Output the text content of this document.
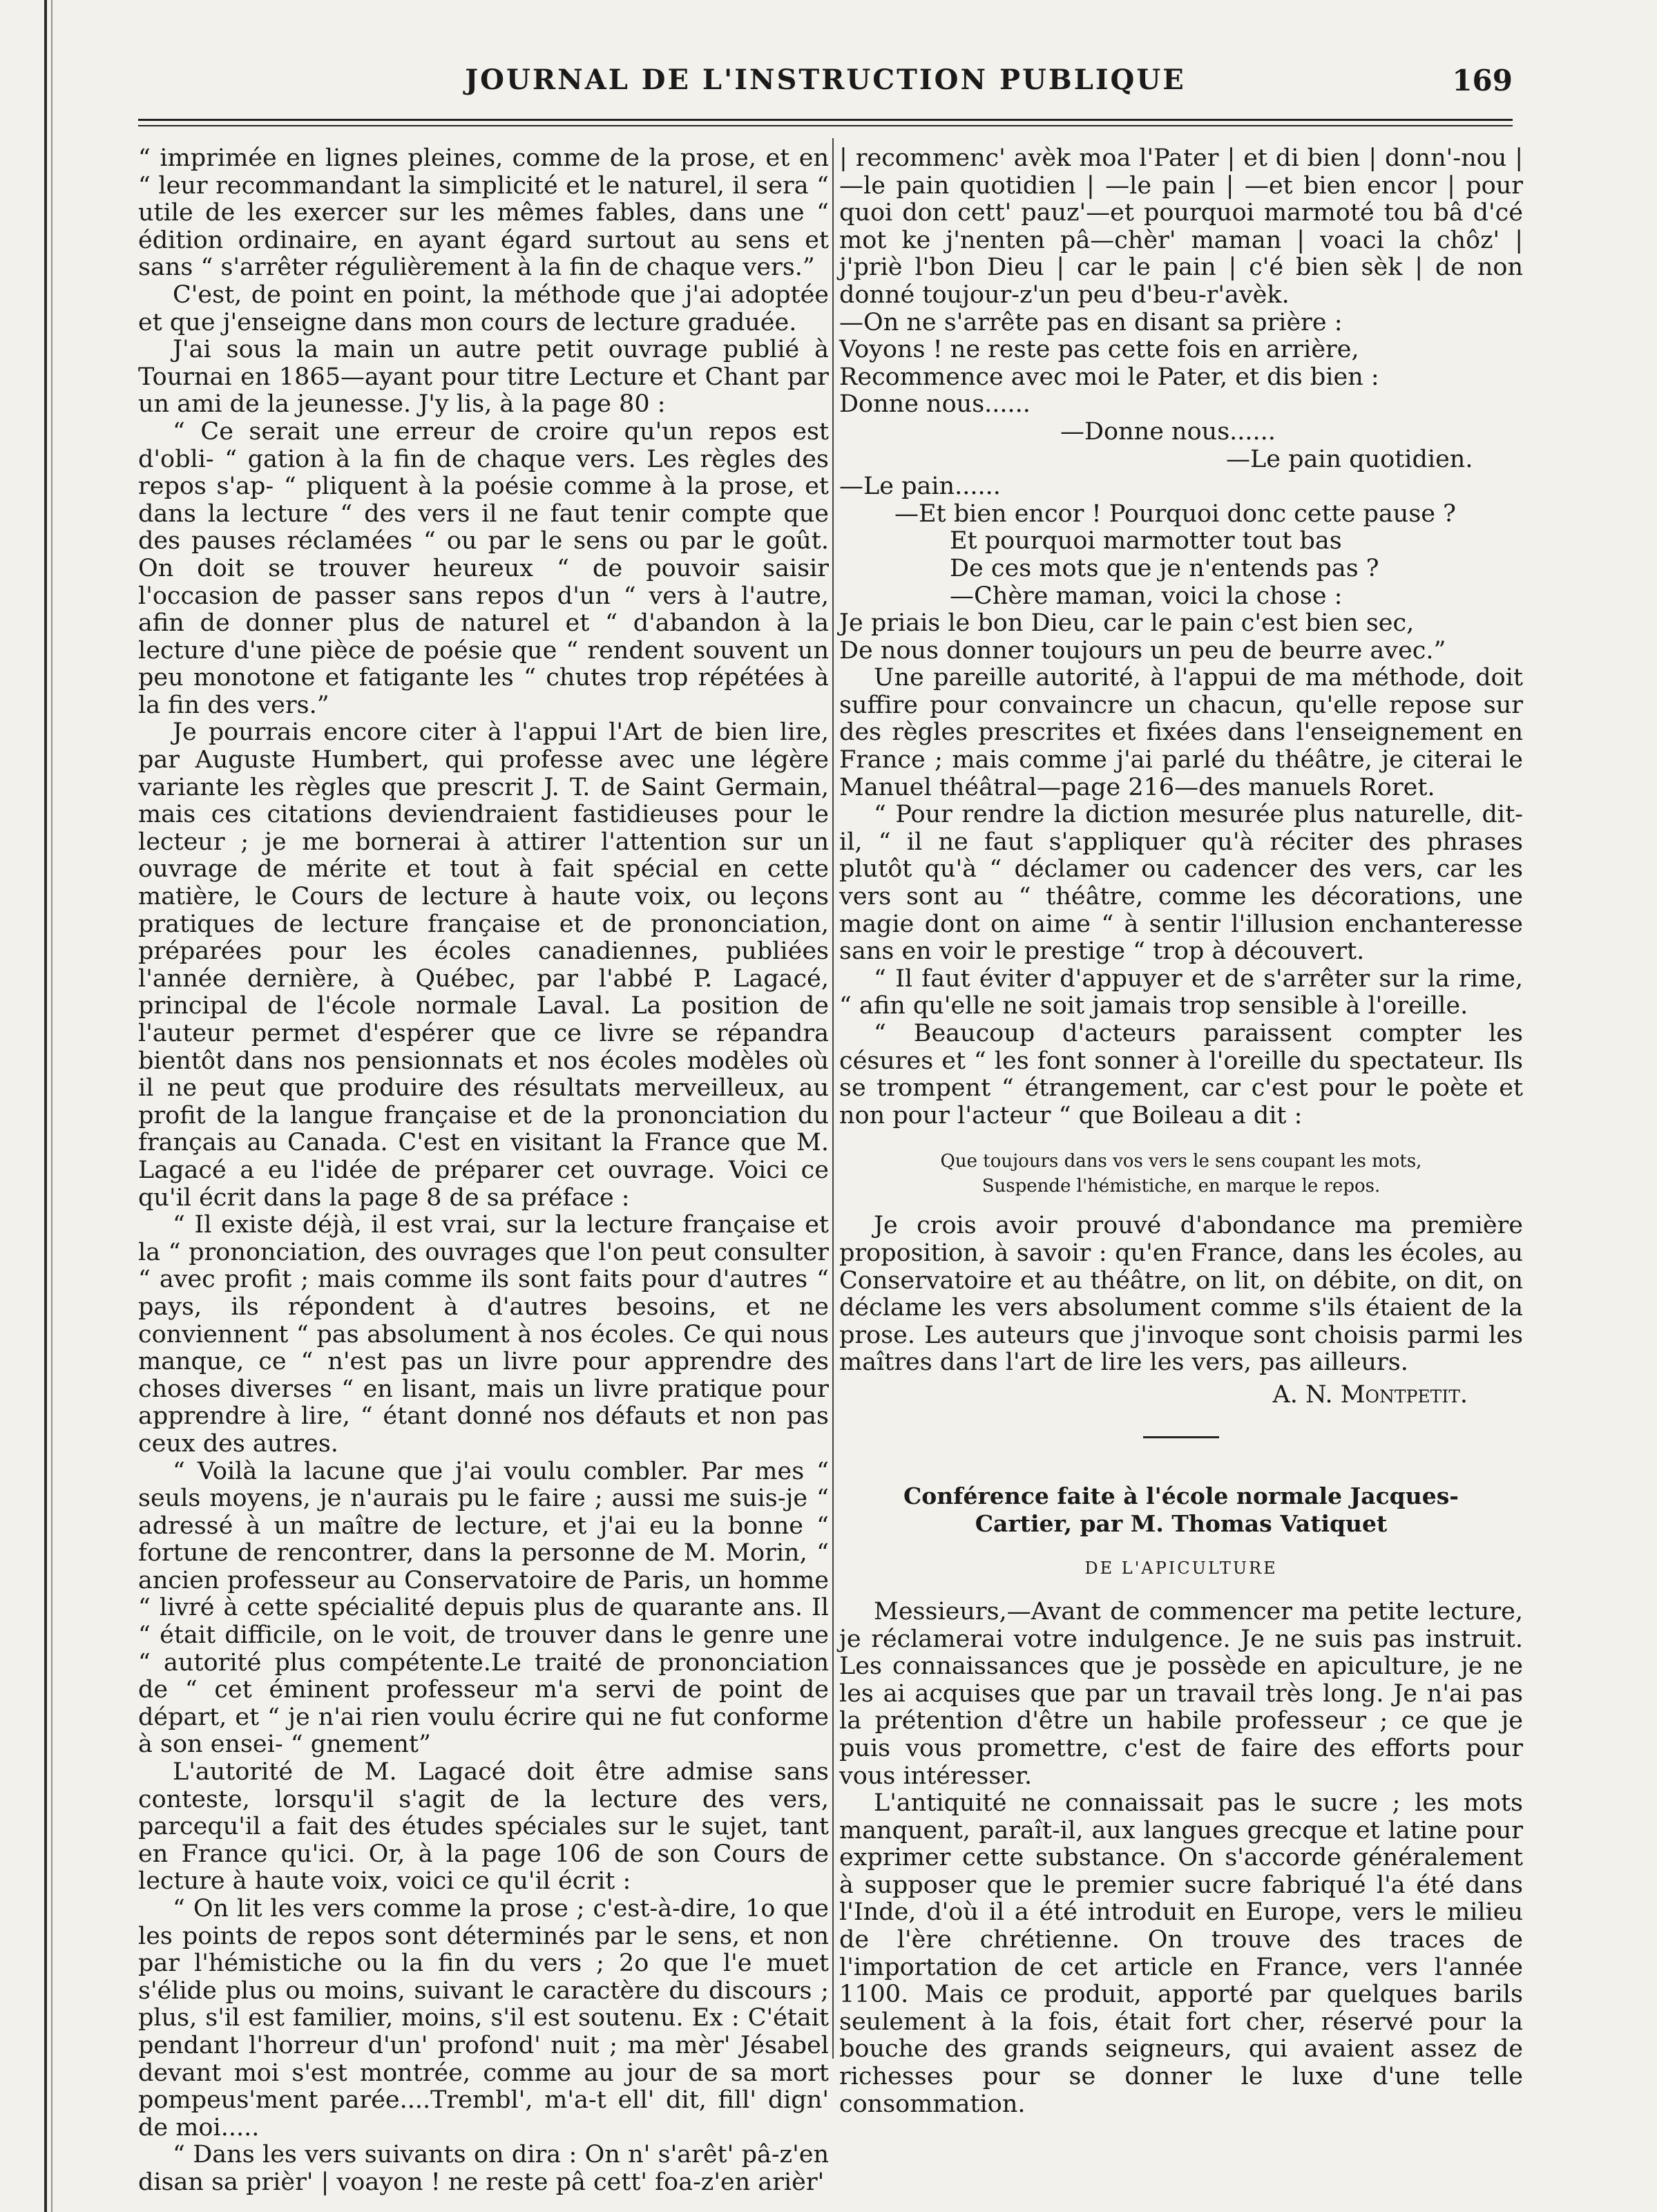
JOURNAL DE L'INSTRUCTION PUBLIQUE	169

“ imprimée en lignes pleines, comme de la prose, et en “ leur recommandant la simplicité et le naturel, il sera “ utile de les exercer sur les mêmes fables, dans une “ édition ordinaire, en ayant égard surtout au sens et sans “ s'arrêter régulièrement à la fin de chaque vers.”

C'est, de point en point, la méthode que j'ai adoptée et que j'enseigne dans mon cours de lecture graduée.

J'ai sous la main un autre petit ouvrage publié à Tournai en 1865—ayant pour titre Lecture et Chant par un ami de la jeunesse. J'y lis, à la page 80 :

“ Ce serait une erreur de croire qu'un repos est d'obli- “ gation à la fin de chaque vers. Les règles des repos s'ap- “ pliquent à la poésie comme à la prose, et dans la lecture “ des vers il ne faut tenir compte que des pauses réclamées “ ou par le sens ou par le goût. On doit se trouver heureux “ de pouvoir saisir l'occasion de passer sans repos d'un “ vers à l'autre, afin de donner plus de naturel et “ d'abandon à la lecture d'une pièce de poésie que “ rendent souvent un peu monotone et fatigante les “ chutes trop répétées à la fin des vers.”

Je pourrais encore citer à l'appui l'Art de bien lire, par Auguste Humbert, qui professe avec une légère variante les règles que prescrit J. T. de Saint Germain, mais ces citations deviendraient fastidieuses pour le lecteur ; je me bornerai à attirer l'attention sur un ouvrage de mérite et tout à fait spécial en cette matière, le Cours de lecture à haute voix, ou leçons pratiques de lecture française et de prononciation, préparées pour les écoles canadiennes, publiées l'année dernière, à Québec, par l'abbé P. Lagacé, principal de l'école normale Laval. La position de l'auteur permet d'espérer que ce livre se répandra bientôt dans nos pensionnats et nos écoles modèles où il ne peut que produire des résultats merveilleux, au profit de la langue française et de la prononciation du français au Canada. C'est en visitant la France que M. Lagacé a eu l'idée de préparer cet ouvrage. Voici ce qu'il écrit dans la page 8 de sa préface :

“ Il existe déjà, il est vrai, sur la lecture française et la “ prononciation, des ouvrages que l'on peut consulter “ avec profit ; mais comme ils sont faits pour d'autres “ pays, ils répondent à d'autres besoins, et ne conviennent “ pas absolument à nos écoles. Ce qui nous manque, ce “ n'est pas un livre pour apprendre des choses diverses “ en lisant, mais un livre pratique pour apprendre à lire, “ étant donné nos défauts et non pas ceux des autres.

“ Voilà la lacune que j'ai voulu combler. Par mes “ seuls moyens, je n'aurais pu le faire ; aussi me suis-je “ adressé à un maître de lecture, et j'ai eu la bonne “ fortune de rencontrer, dans la personne de M. Morin, “ ancien professeur au Conservatoire de Paris, un homme “ livré à cette spécialité depuis plus de quarante ans. Il “ était difficile, on le voit, de trouver dans le genre une “ autorité plus compétente.Le traité de prononciation de “ cet éminent professeur m'a servi de point de départ, et “ je n'ai rien voulu écrire qui ne fut conforme à son ensei- “ gnement”

L'autorité de M. Lagacé doit être admise sans conteste, lorsqu'il s'agit de la lecture des vers, parcequ'il a fait des études spéciales sur le sujet, tant en France qu'ici. Or, à la page 106 de son Cours de lecture à haute voix, voici ce qu'il écrit :

“ On lit les vers comme la prose ; c'est-à-dire, 1o que les points de repos sont déterminés par le sens, et non par l'hémistiche ou la fin du vers ; 2o que l'e muet s'élide plus ou moins, suivant le caractère du discours ; plus, s'il est familier, moins, s'il est soutenu. Ex : C'était pendant l'horreur d'un' profond' nuit ; ma mèr' Jésabel devant moi s'est montrée, comme au jour de sa mort pompeus'ment parée....Trembl', m'a-t ell' dit, fill' dign' de moi.....

“ Dans les vers suivants on dira : On n' s'arêt' pâ-z'en disan sa prièr' | voayon ! ne reste pâ cett' foa-z'en arièr'

| recommenc' avèk moa l'Pater | et di bien | donn'-nou | —le pain quotidien | —le pain | —et bien encor | pour quoi don cett' pauz'—et pourquoi marmoté tou bâ d'cé mot ke j'nenten pâ—chèr' maman | voaci la chôz' | j'priè l'bon Dieu | car le pain | c'é bien sèk | de non donné toujour-z'un peu d'beu-r'avèk.

—On ne s'arrête pas en disant sa prière :

Voyons ! ne reste pas cette fois en arrière,

Recommence avec moi le Pater, et dis bien :

Donne nous......

—Donne nous......

—Le pain quotidien.

—Le pain......

—Et bien encor ! Pourquoi donc cette pause ?

Et pourquoi marmotter tout bas

De ces mots que je n'entends pas ?

—Chère maman, voici la chose :

Je priais le bon Dieu, car le pain c'est bien sec,

De nous donner toujours un peu de beurre avec.”

Une pareille autorité, à l'appui de ma méthode, doit suffire pour convaincre un chacun, qu'elle repose sur des règles prescrites et fixées dans l'enseignement en France ; mais comme j'ai parlé du théâtre, je citerai le Manuel théâtral—page 216—des manuels Roret.

“ Pour rendre la diction mesurée plus naturelle, dit-il, “ il ne faut s'appliquer qu'à réciter des phrases plutôt qu'à “ déclamer ou cadencer des vers, car les vers sont au “ théâtre, comme les décorations, une magie dont on aime “ à sentir l'illusion enchanteresse sans en voir le prestige “ trop à découvert.

“ Il faut éviter d'appuyer et de s'arrêter sur la rime, “ afin qu'elle ne soit jamais trop sensible à l'oreille.

“ Beaucoup d'acteurs paraissent compter les césures et “ les font sonner à l'oreille du spectateur. Ils se trompent “ étrangement, car c'est pour le poète et non pour l'acteur “ que Boileau a dit :

Que toujours dans vos vers le sens coupant les mots,
Suspende l'hémistiche, en marque le repos.

Je crois avoir prouvé d'abondance ma première proposition, à savoir : qu'en France, dans les écoles, au Conservatoire et au théâtre, on lit, on débite, on dit, on déclame les vers absolument comme s'ils étaient de la prose. Les auteurs que j'invoque sont choisis parmi les maîtres dans l'art de lire les vers, pas ailleurs.

A. N. Montpetit.
Conférence faite à l'école normale Jacques-Cartier, par M. Thomas Vatiquet
DE L'APICULTURE

Messieurs,—Avant de commencer ma petite lecture, je réclamerai votre indulgence. Je ne suis pas instruit. Les connaissances que je possède en apiculture, je ne les ai acquises que par un travail très long. Je n'ai pas la prétention d'être un habile professeur ; ce que je puis vous promettre, c'est de faire des efforts pour vous intéresser.

L'antiquité ne connaissait pas le sucre ; les mots manquent, paraît-il, aux langues grecque et latine pour exprimer cette substance. On s'accorde généralement à supposer que le premier sucre fabriqué l'a été dans l'Inde, d'où il a été introduit en Europe, vers le milieu de l'ère chrétienne. On trouve des traces de l'importation de cet article en France, vers l'année 1100. Mais ce produit, apporté par quelques barils seulement à la fois, était fort cher, réservé pour la bouche des grands seigneurs, qui avaient assez de richesses pour se donner le luxe d'une telle consommation.
